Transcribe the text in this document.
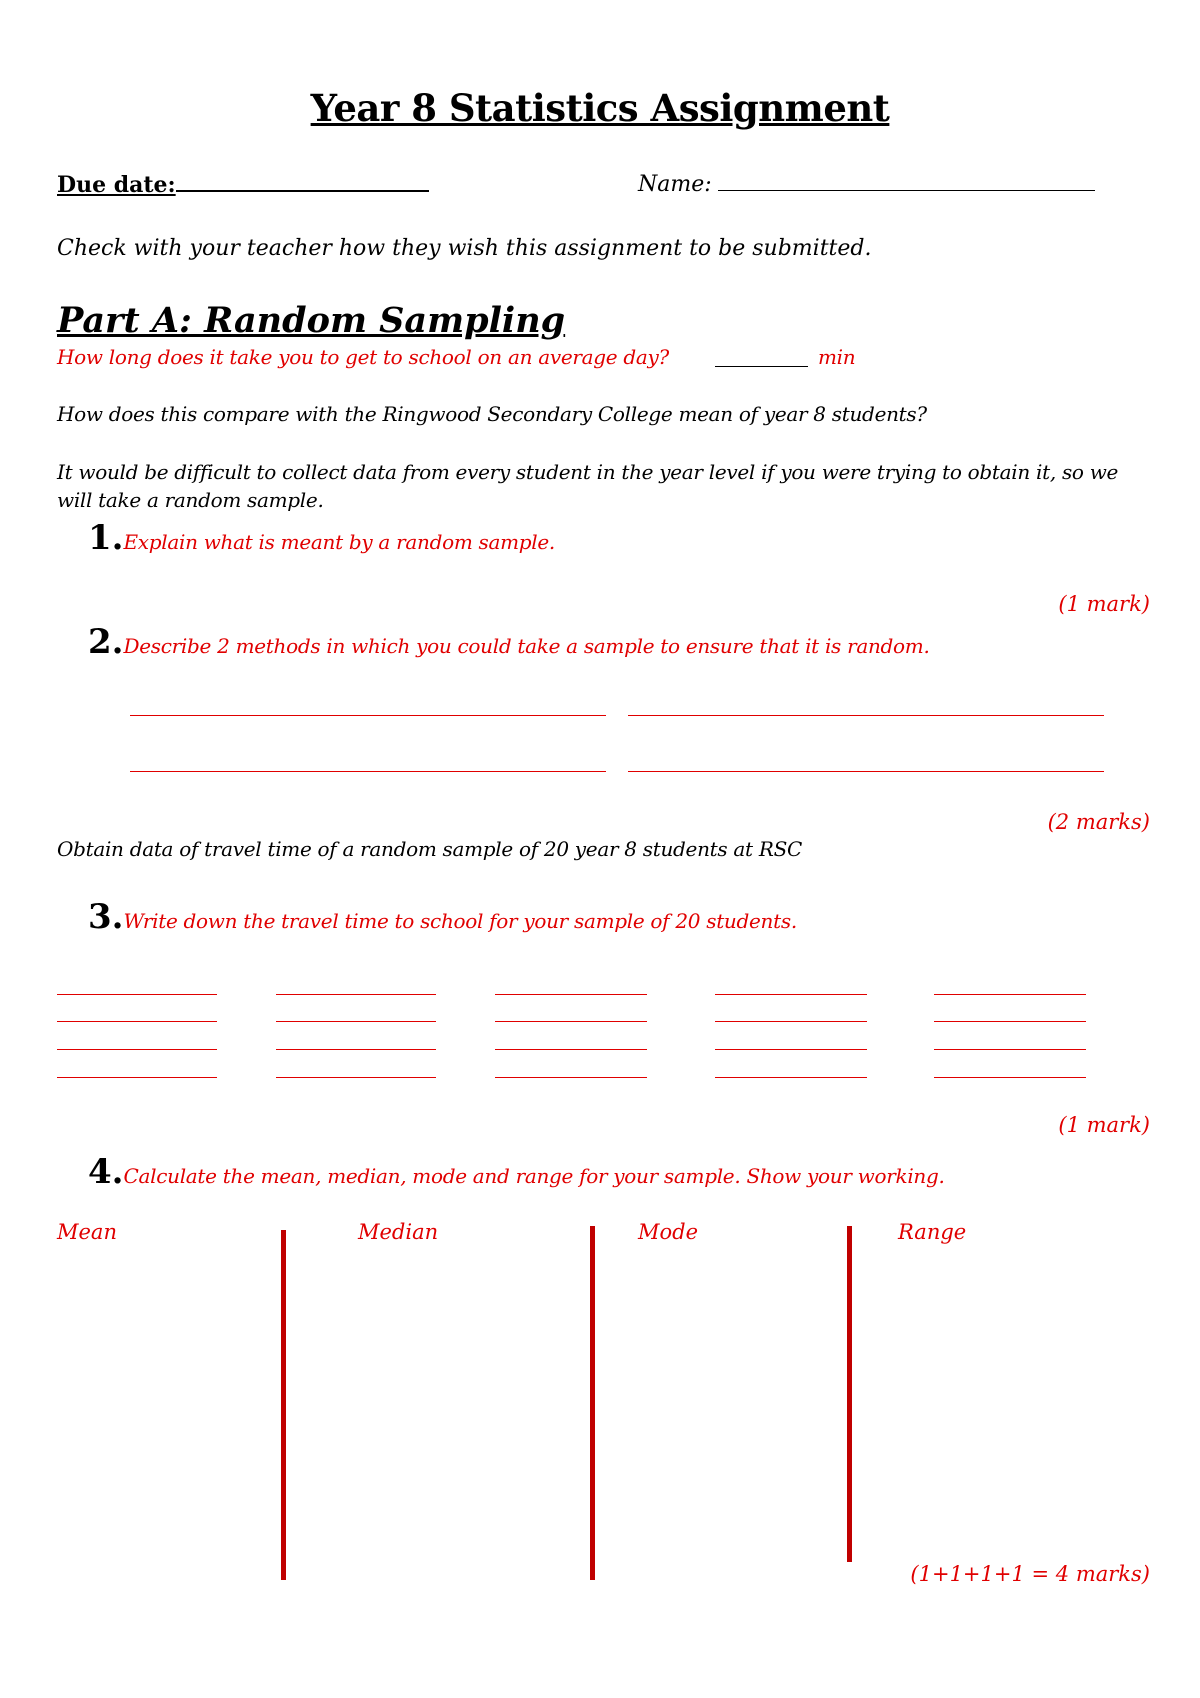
Year 8 Statistics Assignment
Due date:	Name:
Check with your teacher how they wish this assignment to be submitted.
Part A: Random Sampling
How long does it take you to get to school on an average day?	min
How does this compare with the Ringwood Secondary College mean of year 8 students?
It would be difficult to collect data from every student in the year level if you were trying to obtain it, so we will take a random sample.
1.Explain what is meant by a random sample.
(1 mark)
2.Describe 2 methods in which you could take a sample to ensure that it is random.
(2 marks)
Obtain data of travel time of a random sample of 20 year 8 students at RSC
3.Write down the travel time to school for your sample of 20 students.
(1 mark)
4.Calculate the mean, median, mode and range for your sample. Show your working.
Mean	Median	Mode	Range
(1+1+1+1 = 4 marks)
